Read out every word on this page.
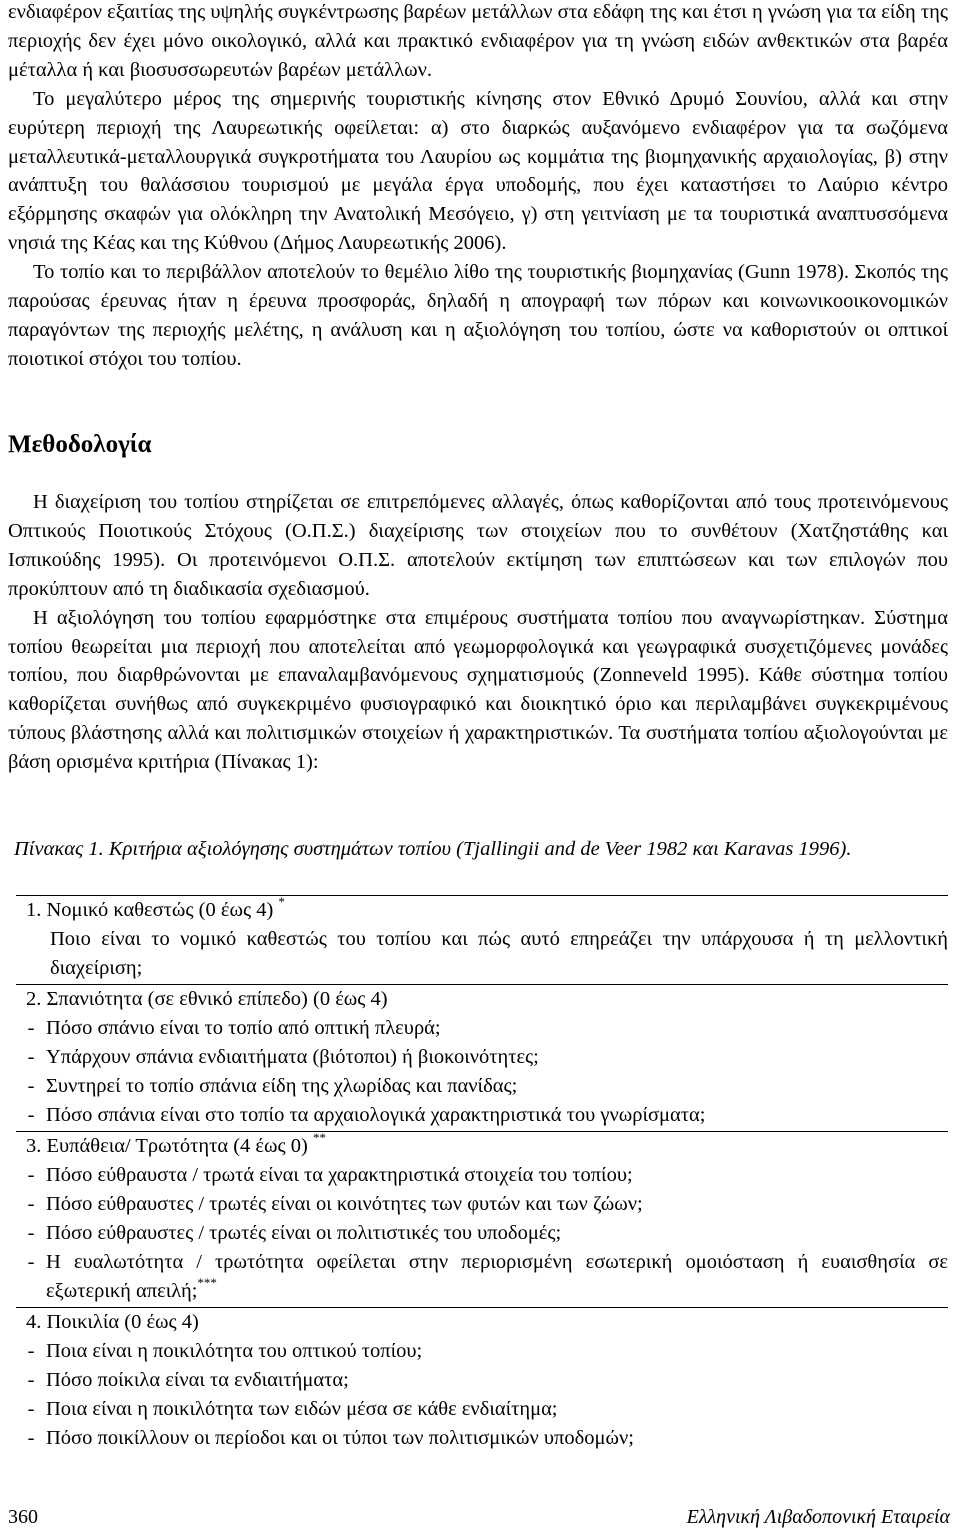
ενδιαφέρον εξαιτίας της υψηλής συγκέντρωσης βαρέων μετάλλων στα εδάφη της και έτσι η γνώση για τα είδη της περιοχής δεν έχει μόνο οικολογικό, αλλά και πρακτικό ενδιαφέρον για τη γνώση ειδών ανθεκτικών στα βαρέα μέταλλα ή και βιοσυσσωρευτών βαρέων μετάλλων.

Το μεγαλύτερο μέρος της σημερινής τουριστικής κίνησης στον Εθνικό Δρυμό Σουνίου, αλλά και στην ευρύτερη περιοχή της Λαυρεωτικής οφείλεται: α) στο διαρκώς αυξανόμενο ενδιαφέρον για τα σωζόμενα μεταλλευτικά-μεταλλουργικά συγκροτήματα του Λαυρίου ως κομμάτια της βιομηχανικής αρχαιολογίας, β) στην ανάπτυξη του θαλάσσιου τουρισμού με μεγάλα έργα υποδομής, που έχει καταστήσει το Λαύριο κέντρο εξόρμησης σκαφών για ολόκληρη την Ανατολική Μεσόγειο, γ) στη γειτνίαση με τα τουριστικά αναπτυσσόμενα νησιά της Κέας και της Κύθνου (Δήμος Λαυρεωτικής 2006).

Το τοπίο και το περιβάλλον αποτελούν το θεμέλιο λίθο της τουριστικής βιομηχανίας (Gunn 1978). Σκοπός της παρούσας έρευνας ήταν η έρευνα προσφοράς, δηλαδή η απογραφή των πόρων και κοινωνικοοικονομικών παραγόντων της περιοχής μελέτης, η ανάλυση και η αξιολόγηση του τοπίου, ώστε να καθοριστούν οι οπτικοί ποιοτικοί στόχοι του τοπίου.

Μεθοδολογία

Η διαχείριση του τοπίου στηρίζεται σε επιτρεπόμενες αλλαγές, όπως καθορίζονται από τους προτεινόμενους Οπτικούς Ποιοτικούς Στόχους (Ο.Π.Σ.) διαχείρισης των στοιχείων που το συνθέτουν (Χατζηστάθης και Ισπικούδης 1995). Οι προτεινόμενοι Ο.Π.Σ. αποτελούν εκτίμηση των επιπτώσεων και των επιλογών που προκύπτουν από τη διαδικασία σχεδιασμού.

Η αξιολόγηση του τοπίου εφαρμόστηκε στα επιμέρους συστήματα τοπίου που αναγνωρίστηκαν. Σύστημα τοπίου θεωρείται μια περιοχή που αποτελείται από γεωμορφολογικά και γεωγραφικά συσχετιζόμενες μονάδες τοπίου, που διαρθρώνονται με επαναλαμβανόμενους σχηματισμούς (Zonneveld 1995). Κάθε σύστημα τοπίου καθορίζεται συνήθως από συγκεκριμένο φυσιογραφικό και διοικητικό όριο και περιλαμβάνει συγκεκριμένους τύπους βλάστησης αλλά και πολιτισμικών στοιχείων ή χαρακτηριστικών. Τα συστήματα τοπίου αξιολογούνται με βάση ορισμένα κριτήρια (Πίνακας 1):

Πίνακας 1. Κριτήρια αξιολόγησης συστημάτων τοπίου (Tjallingii and de Veer 1982 και Karavas 1996).
1. Νομικό καθεστώς (0 έως 4) *
Ποιο είναι το νομικό καθεστώς του τοπίου και πώς αυτό επηρεάζει την υπάρχουσα ή τη μελλοντική διαχείριση;
2. Σπανιότητα (σε εθνικό επίπεδο) (0 έως 4)
- Πόσο σπάνιο είναι το τοπίο από οπτική πλευρά;
- Υπάρχουν σπάνια ενδιαιτήματα (βιότοποι) ή βιοκοινότητες;
- Συντηρεί το τοπίο σπάνια είδη της χλωρίδας και πανίδας;
- Πόσο σπάνια είναι στο τοπίο τα αρχαιολογικά χαρακτηριστικά του γνωρίσματα;
3. Ευπάθεια/ Τρωτότητα (4 έως 0) **
- Πόσο εύθραυστα / τρωτά είναι τα χαρακτηριστικά στοιχεία του τοπίου;
- Πόσο εύθραυστες / τρωτές είναι οι κοινότητες των φυτών και των ζώων;
- Πόσο εύθραυστες / τρωτές είναι οι πολιτιστικές του υποδομές;
- Η ευαλωτότητα / τρωτότητα οφείλεται στην περιορισμένη εσωτερική ομοιόσταση ή ευαισθησία σε εξωτερική απειλή;***
4. Ποικιλία (0 έως 4)
- Ποια είναι η ποικιλότητα του οπτικού τοπίου;
- Πόσο ποίκιλα είναι τα ενδιαιτήματα;
- Ποια είναι η ποικιλότητα των ειδών μέσα σε κάθε ενδιαίτημα;
- Πόσο ποικίλλουν οι περίοδοι και οι τύποι των πολιτισμικών υποδομών;
360	Ελληνική Λιβαδοπονική Εταιρεία
